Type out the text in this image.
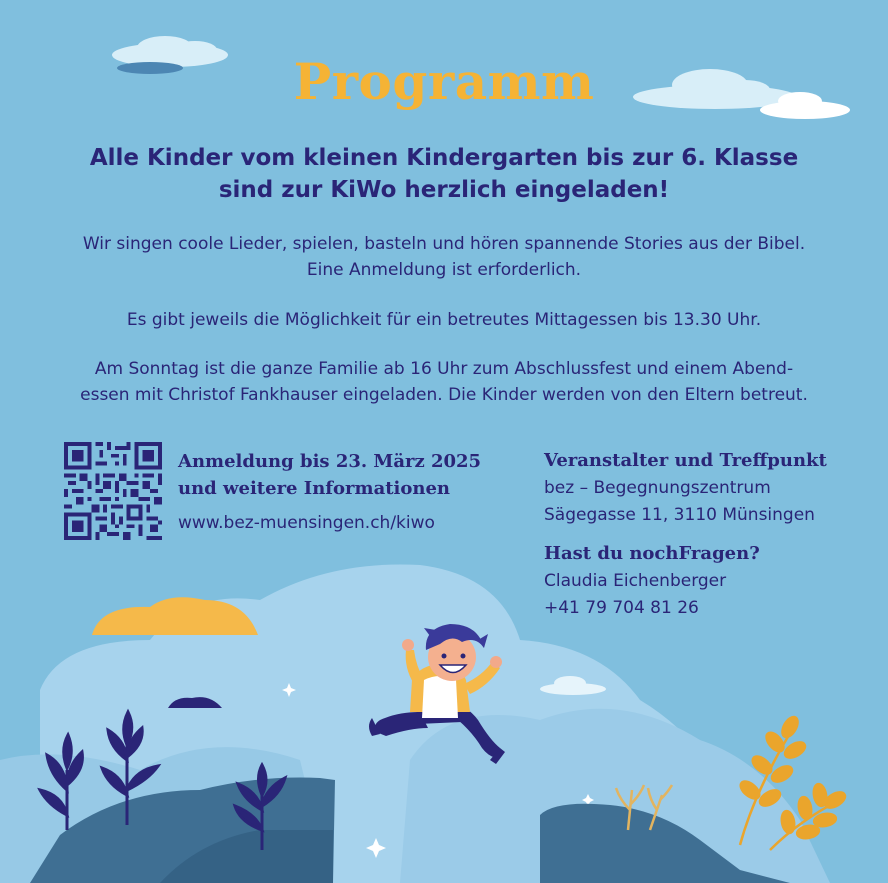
Programm
Alle Kinder vom kleinen Kindergarten bis zur 6. Klasse
sind zur KiWo herzlich eingeladen!
Wir singen coole Lieder, spielen, basteln und hören spannende Stories aus der Bibel.
Eine Anmeldung ist erforderlich.
Es gibt jeweils die Möglichkeit für ein betreutes Mittagessen bis 13.30 Uhr.
Am Sonntag ist die ganze Familie ab 16 Uhr zum Abschlussfest und einem Abend-
essen mit Christof Fankhauser eingeladen. Die Kinder werden von den Eltern betreut.
Anmeldung bis 23. März 2025
und weitere Informationen
www.bez-muensingen.ch/kiwo
Veranstalter und Treffpunkt
bez – Begegnungszentrum
Sägegasse 11, 3110 Münsingen
Hast du nochFragen?
Claudia Eichenberger
+41 79 704 81 26
